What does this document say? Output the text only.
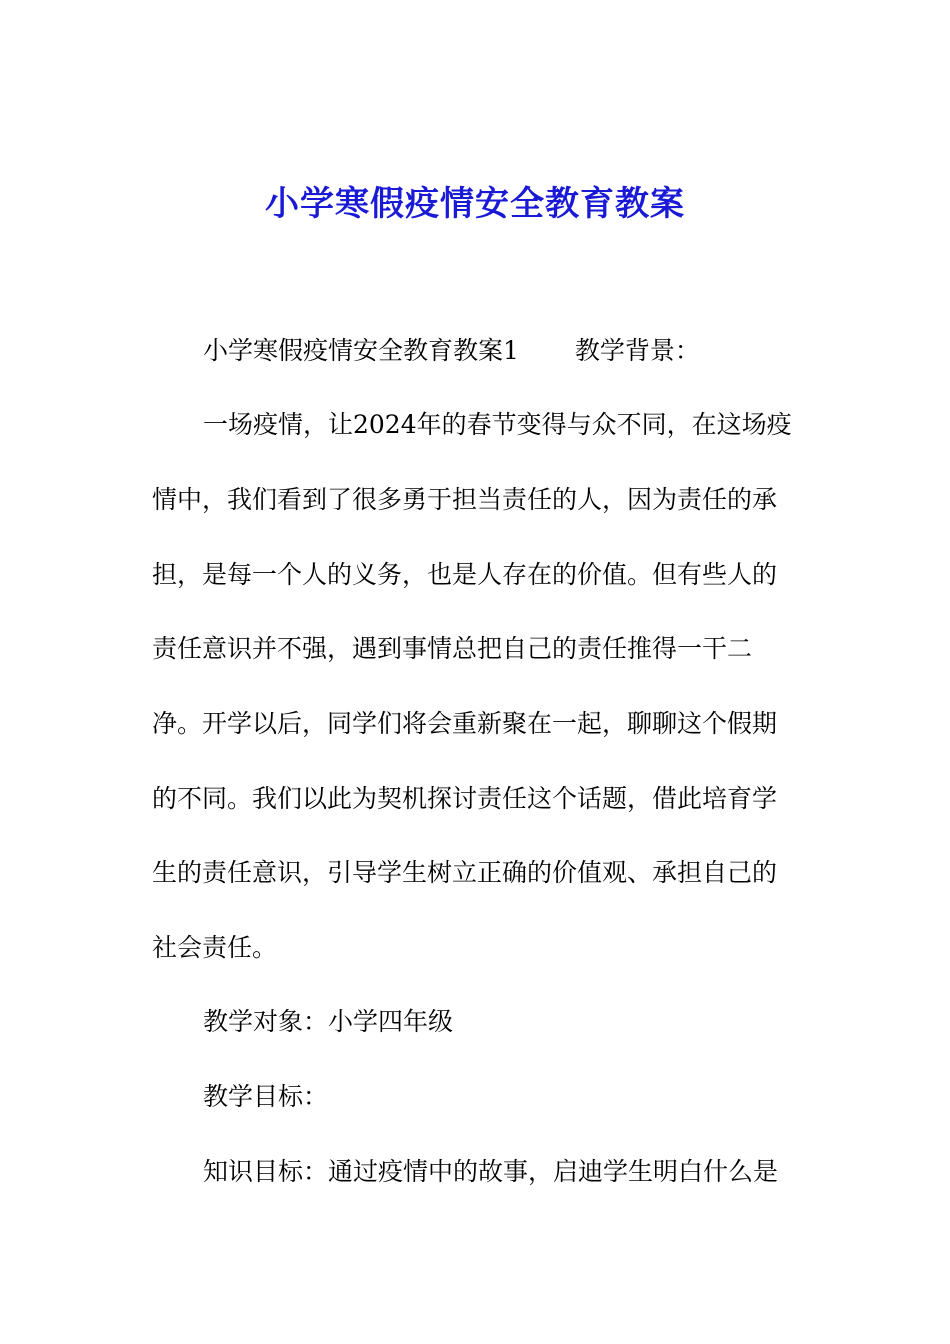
小学寒假疫情安全教育教案

小学寒假疫情安全教育教案1 教学背景：

一场疫情，让2024年的春节变得与众不同，在这场疫

情中，我们看到了很多勇于担当责任的人，因为责任的承

担，是每一个人的义务，也是人存在的价值。但有些人的

责任意识并不强，遇到事情总把自己的责任推得一干二

净。开学以后，同学们将会重新聚在一起，聊聊这个假期

的不同。我们以此为契机探讨责任这个话题，借此培育学

生的责任意识，引导学生树立正确的价值观、承担自己的

社会责任。

教学对象：小学四年级

教学目标：

知识目标：通过疫情中的故事，启迪学生明白什么是
